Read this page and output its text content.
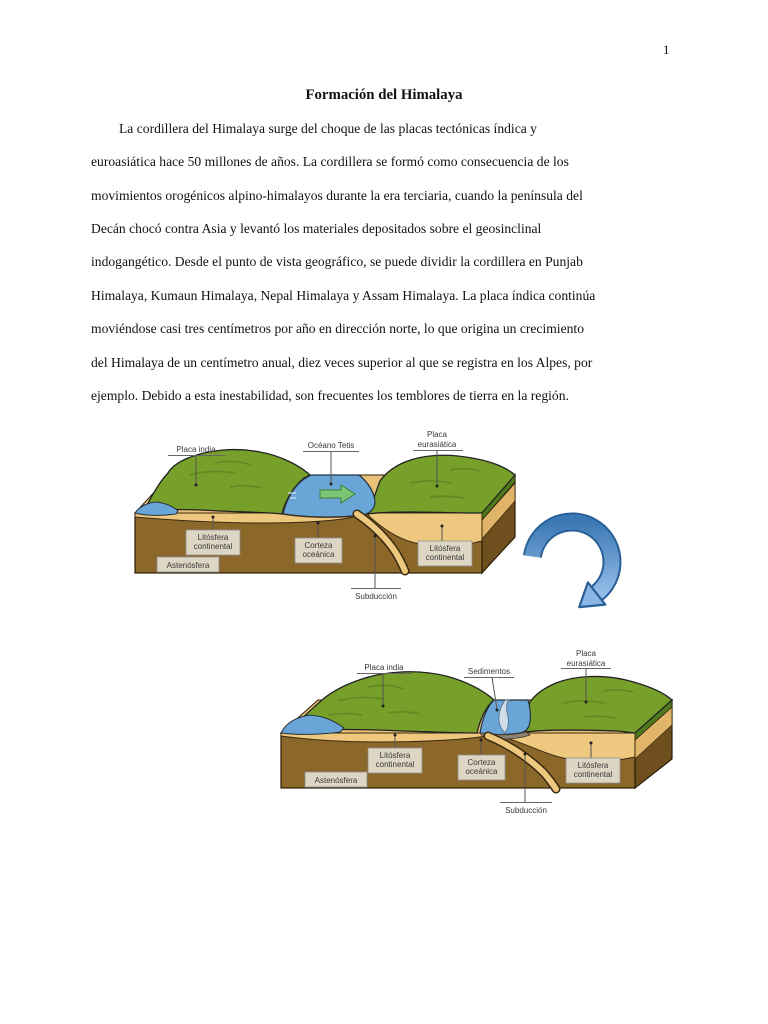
1
Formación del Himalaya
La cordillera del Himalaya surge del choque de las placas tectónicas índica y
euroasiática hace 50 millones de años. La cordillera se formó como consecuencia de los
movimientos orogénicos alpino-himalayos durante la era terciaria, cuando la península del
Decán chocó contra Asia y levantó los materiales depositados sobre el geosinclinal
indogangético. Desde el punto de vista geográfico, se puede dividir la cordillera en Punjab
Himalaya, Kumaun Himalaya, Nepal Himalaya y Assam Himalaya. La placa índica continúa
moviéndose casi tres centímetros por año en dirección norte, lo que origina un crecimiento
del Himalaya de un centímetro anual, diez veces superior al que se registra en los Alpes, por
ejemplo. Debido a esta inestabilidad, son frecuentes los temblores de tierra en la región.
Placa india	Océano Tetis
Placa
eurasiática
Litósfera
continental	Corteza
oceánica
Litósfera
continental
Astenósfera
Subducción
Placa india	Sedimentos
Placa
eurasiática
Litósfera
continental	Corteza
oceánica
Litósfera
continental
Astenósfera
Subducción
